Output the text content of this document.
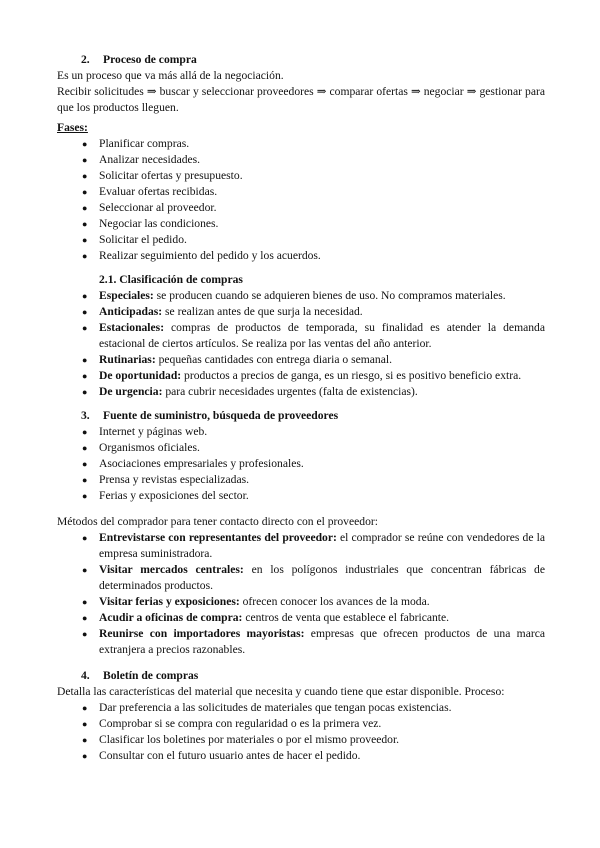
2. Proceso de compra

Es un proceso que va más allá de la negociación.

Recibir solicitudes ⇒ buscar y seleccionar proveedores ⇒ comparar ofertas ⇒ negociar ⇒ gestionar para que los productos lleguen.

Fases:

● Planificar compras.
● Analizar necesidades.
● Solicitar ofertas y presupuesto.
● Evaluar ofertas recibidas.
● Seleccionar al proveedor.
● Negociar las condiciones.
● Solicitar el pedido.
● Realizar seguimiento del pedido y los acuerdos.

2.1. Clasificación de compras

● Especiales: se producen cuando se adquieren bienes de uso. No compramos materiales.
● Anticipadas: se realizan antes de que surja la necesidad.
● Estacionales: compras de productos de temporada, su finalidad es atender la demanda estacional de ciertos artículos. Se realiza por las ventas del año anterior.
● Rutinarias: pequeñas cantidades con entrega diaria o semanal.
● De oportunidad: productos a precios de ganga, es un riesgo, si es positivo beneficio extra.
● De urgencia: para cubrir necesidades urgentes (falta de existencias).

3. Fuente de suministro, búsqueda de proveedores

● Internet y páginas web.
● Organismos oficiales.
● Asociaciones empresariales y profesionales.
● Prensa y revistas especializadas.
● Ferias y exposiciones del sector.

Métodos del comprador para tener contacto directo con el proveedor:

● Entrevistarse con representantes del proveedor: el comprador se reúne con vendedores de la empresa suministradora.
● Visitar mercados centrales: en los polígonos industriales que concentran fábricas de determinados productos.
● Visitar ferias y exposiciones: ofrecen conocer los avances de la moda.
● Acudir a oficinas de compra: centros de venta que establece el fabricante.
● Reunirse con importadores mayoristas: empresas que ofrecen productos de una marca extranjera a precios razonables.

4. Boletín de compras

Detalla las características del material que necesita y cuando tiene que estar disponible. Proceso:

● Dar preferencia a las solicitudes de materiales que tengan pocas existencias.
● Comprobar si se compra con regularidad o es la primera vez.
● Clasificar los boletines por materiales o por el mismo proveedor.
● Consultar con el futuro usuario antes de hacer el pedido.
